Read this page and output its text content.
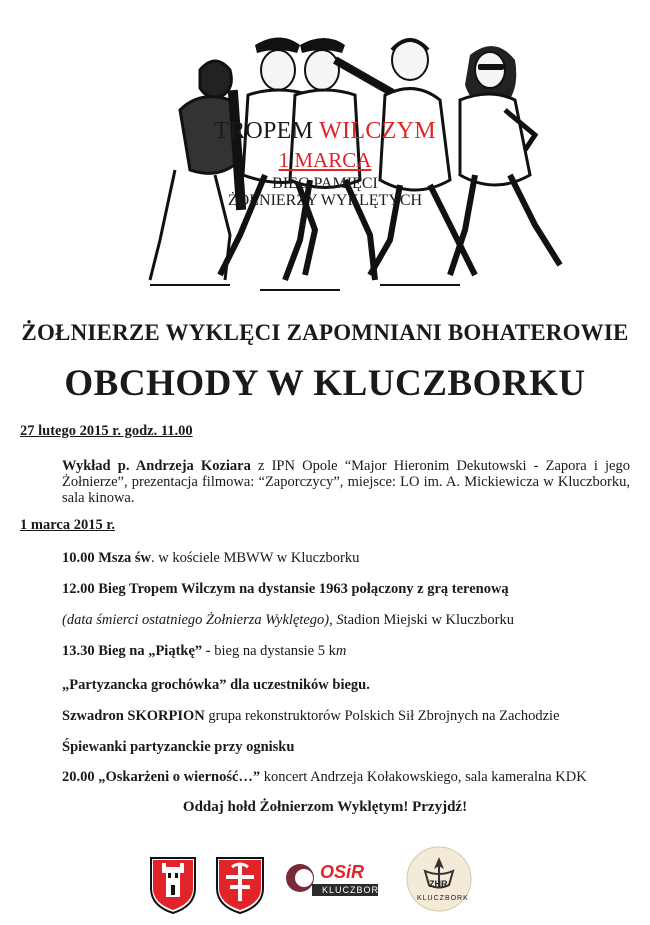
TROPEM WILCZYM
1 MARCA
BIEG PAMIĘCI
ŻOŁNIERZY WYKLĘTYCH
ŻOŁNIERZE WYKLĘCI ZAPOMNIANI BOHATEROWIE
OBCHODY W KLUCZBORKU
27 lutego 2015 r. godz. 11.00
Wykład p. Andrzeja Koziara z IPN Opole “Major Hieronim Dekutowski - Zapora i jego Żołnierze”, prezentacja filmowa: “Zaporczycy”, miejsce: LO im. A. Mickiewicza w Kluczborku, sala kinowa.
1 marca 2015 r.
10.00 Msza św. w kościele MBWW w Kluczborku
12.00 Bieg Tropem Wilczym na dystansie 1963 połączony z grą terenową
(data śmierci ostatniego Żołnierza Wyklętego), Stadion Miejski w Kluczborku
13.30 Bieg na „Piątkę” - bieg na dystansie 5 km
„Partyzancka grochówka” dla uczestników biegu.
Szwadron SKORPION grupa rekonstruktorów Polskich Sił Zbrojnych na Zachodzie
Śpiewanki partyzanckie przy ognisku
20.00 „Oskarżeni o wierność…” koncert Andrzeja Kołakowskiego, sala kameralna KDK
Oddaj hołd Żołnierzom Wyklętym! Przyjdź!
OSiR
KLUCZBORK
ZHR
KLUCZBORK
